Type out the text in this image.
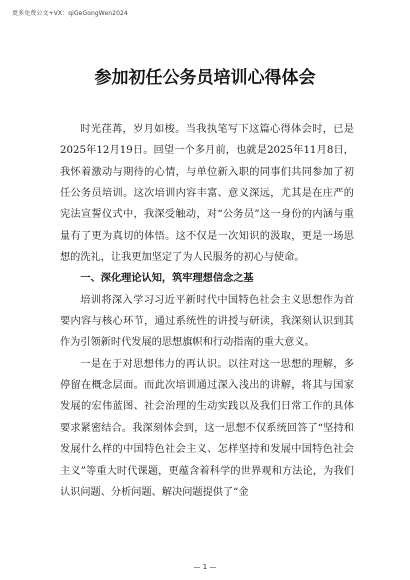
更多免费公文+VX：qiGeGongWen2024
参加初任公务员培训心得体会

时光荏苒，岁月如梭。当我执笔写下这篇心得体会时，已是2025年12月19日。回望一个多月前，也就是2025年11月8日，我怀着激动与期待的心情，与单位新入职的同事们共同参加了初任公务员培训。这次培训内容丰富、意义深远，尤其是在庄严的宪法宣誓仪式中，我深受触动，对“公务员”这一身份的内涵与重量有了更为真切的体悟。这不仅是一次知识的汲取，更是一场思想的洗礼，让我更加坚定了为人民服务的初心与使命。

一、深化理论认知，筑牢理想信念之基

培训将深入学习习近平新时代中国特色社会主义思想作为首要内容与核心环节，通过系统性的讲授与研读，我深刻认识到其作为引领新时代发展的思想旗帜和行动指南的重大意义。

一是在于对思想伟力的再认识。以往对这一思想的理解，多停留在概念层面。而此次培训通过深入浅出的讲解，将其与国家发展的宏伟蓝图、社会治理的生动实践以及我们日常工作的具体要求紧密结合。我深刻体会到，这一思想不仅系统回答了“坚持和发展什么样的中国特色社会主义、怎样坚持和发展中国特色社会主义”等重大时代课题，更蕴含着科学的世界观和方法论，为我们认识问题、分析问题、解决问题提供了“金

— 1 —
